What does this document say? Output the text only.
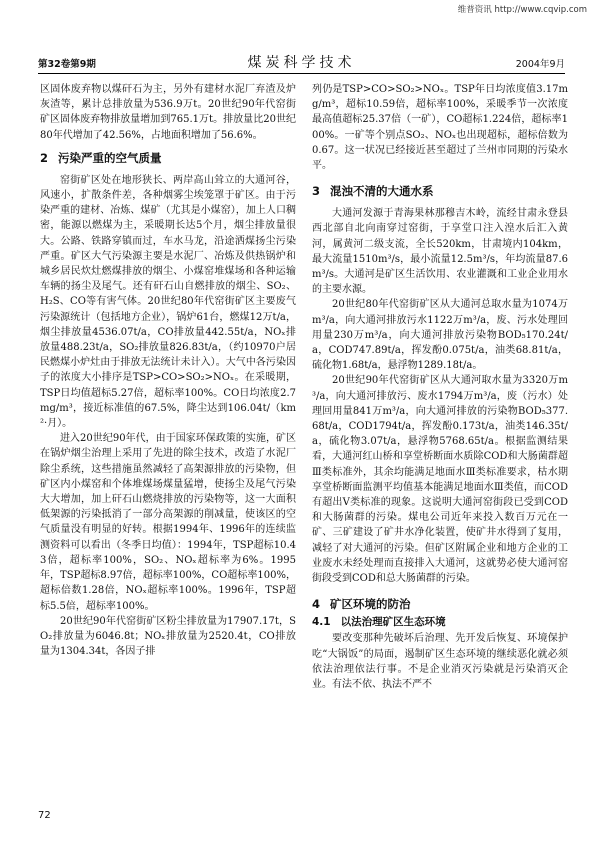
维普资讯 http://www.cqvip.com
第32卷第9期	煤炭科学技术	2004年9月

区固体废弃物以煤矸石为主，另外有建材水泥厂弃渣及炉灰渣等，累计总排放量为536.9万t。20世纪90年代窑街矿区固体废弃物排放量增加到765.1万t。排放量比20世纪80年代增加了42.56%，占地面积增加了56.6%。

2 污染严重的空气质量

窑街矿区处在地形狭长、两岸高山耸立的大通河谷，风速小，扩散条件差，各种烟雾尘埃笼罩于矿区。由于污染严重的建材、冶炼、煤矿（尤其是小煤窑），加上人口稠密，能源以燃煤为主，采暖期长达5个月，烟尘排放量很大。公路、铁路穿镇而过，车水马龙，沿途洒煤扬尘污染严重。矿区大气污染源主要是水泥厂、冶炼及供热锅炉和城乡居民炊灶燃煤排放的烟尘、小煤窑堆煤场和各种运输车辆的扬尘及尾气。还有矸石山自燃排放的烟尘、SO₂、H₂S、CO等有害气体。20世纪80年代窑街矿区主要废气污染源统计（包括地方企业），锅炉61台，燃煤12万t/a，烟尘排放量4536.07t/a，CO排放量442.55t/a，NOₓ排放量488.23t/a，SO₂排放量826.83t/a，（约10970户居民燃煤小炉灶由于排放无法统计未计入）。大气中各污染因子的浓度大小排序是TSP>CO>SO₂>NOₓ。在采暖期，TSP日均值超标5.27倍，超标率100%。CO日均浓度2.7mg/m³，接近标准值的67.5%，降尘达到106.04t/（km²·月）。

进入20世纪90年代，由于国家环保政策的实施，矿区在锅炉烟尘治理上采用了先进的除尘技术，改造了水泥厂除尘系统，这些措施虽然减轻了高架源排放的污染物，但矿区内小煤窑和个体堆煤场煤量猛增，使扬尘及尾气污染大大增加，加上矸石山燃烧排放的污染物等，这一大面积低架源的污染抵消了一部分高架源的削减量，使该区的空气质量没有明显的好转。根据1994年、1996年的连续监测资料可以看出（冬季日均值）：1994年，TSP超标10.43倍，超标率100%，SO₂、NOₓ超标率为6%。1995年，TSP超标8.97倍，超标率100%，CO超标率100%，超标倍数1.28倍，NOₓ超标率100%。1996年，TSP超标5.5倍，超标率100%。

20世纪90年代窑街矿区粉尘排放量为17907.17t，SO₂排放量为6046.8t；NOₓ排放量为2520.4t，CO排放量为1304.34t，各因子排

列仍是TSP>CO>SO₂>NOₓ。TSP年日均浓度值3.17mg/m³，超标10.59倍，超标率100%，采暖季节一次浓度最高值超标25.37倍（一矿），CO超标1.224倍，超标率100%。一矿等个别点SO₂、NOₓ也出现超标，超标倍数为0.67。这一状况已经接近甚至超过了兰州市同期的污染水平。

3 混浊不清的大通水系

大通河发源于青海果林那穆吉木岭，流经甘肃永登县西北部自北向南穿过窑街，于享堂口注入湟水后汇入黄河，属黄河二级支流，全长520km，甘肃境内104km，最大流量1510m³/s，最小流量12.5m³/s，年均流量87.6m³/s。大通河是矿区生活饮用、农业灌溉和工业企业用水的主要水源。

20世纪80年代窑街矿区从大通河总取水量为1074万m³/a，向大通河排放污水1122万m³/a，废、污水处理回用量230万m³/a，向大通河排放污染物BOD₅170.24t/a，COD747.89t/a，挥发酚0.075t/a，油类68.81t/a，硫化物1.68t/a，悬浮物1289.18t/a。

20世纪90年代窑街矿区从大通河取水量为3320万m³/a，向大通河排放污、废水1794万m³/a，废（污水）处理回用量841万m³/a，向大通河排放的污染物BOD₅377.68t/a，COD1794t/a，挥发酚0.173t/a，油类146.35t/a，硫化物3.07t/a，悬浮物5768.65t/a。根据监测结果看，大通河红山桥和享堂桥断面水质除COD和大肠菌群超Ⅲ类标准外，其余均能满足地面水Ⅲ类标准要求，枯水期享堂桥断面监测平均值基本能满足地面水Ⅲ类值，而COD有超出Ⅴ类标准的现象。这说明大通河窑街段已受到COD和大肠菌群的污染。煤电公司近年来投入数百万元在一矿、三矿建设了矿井水净化装置，使矿井水得到了复用，减轻了对大通河的污染。但矿区附属企业和地方企业的工业废水未经处理而直接排入大通河，这就势必使大通河窑街段受到COD和总大肠菌群的污染。

4 矿区环境的防治
4.1 以法治理矿区生态环境

要改变那种先破坏后治理、先开发后恢复、环境保护吃“大锅饭”的局面，遏制矿区生态环境的继续恶化就必须依法治理依法行事。不是企业消灭污染就是污染消灭企业。有法不依、执法不严不

72
